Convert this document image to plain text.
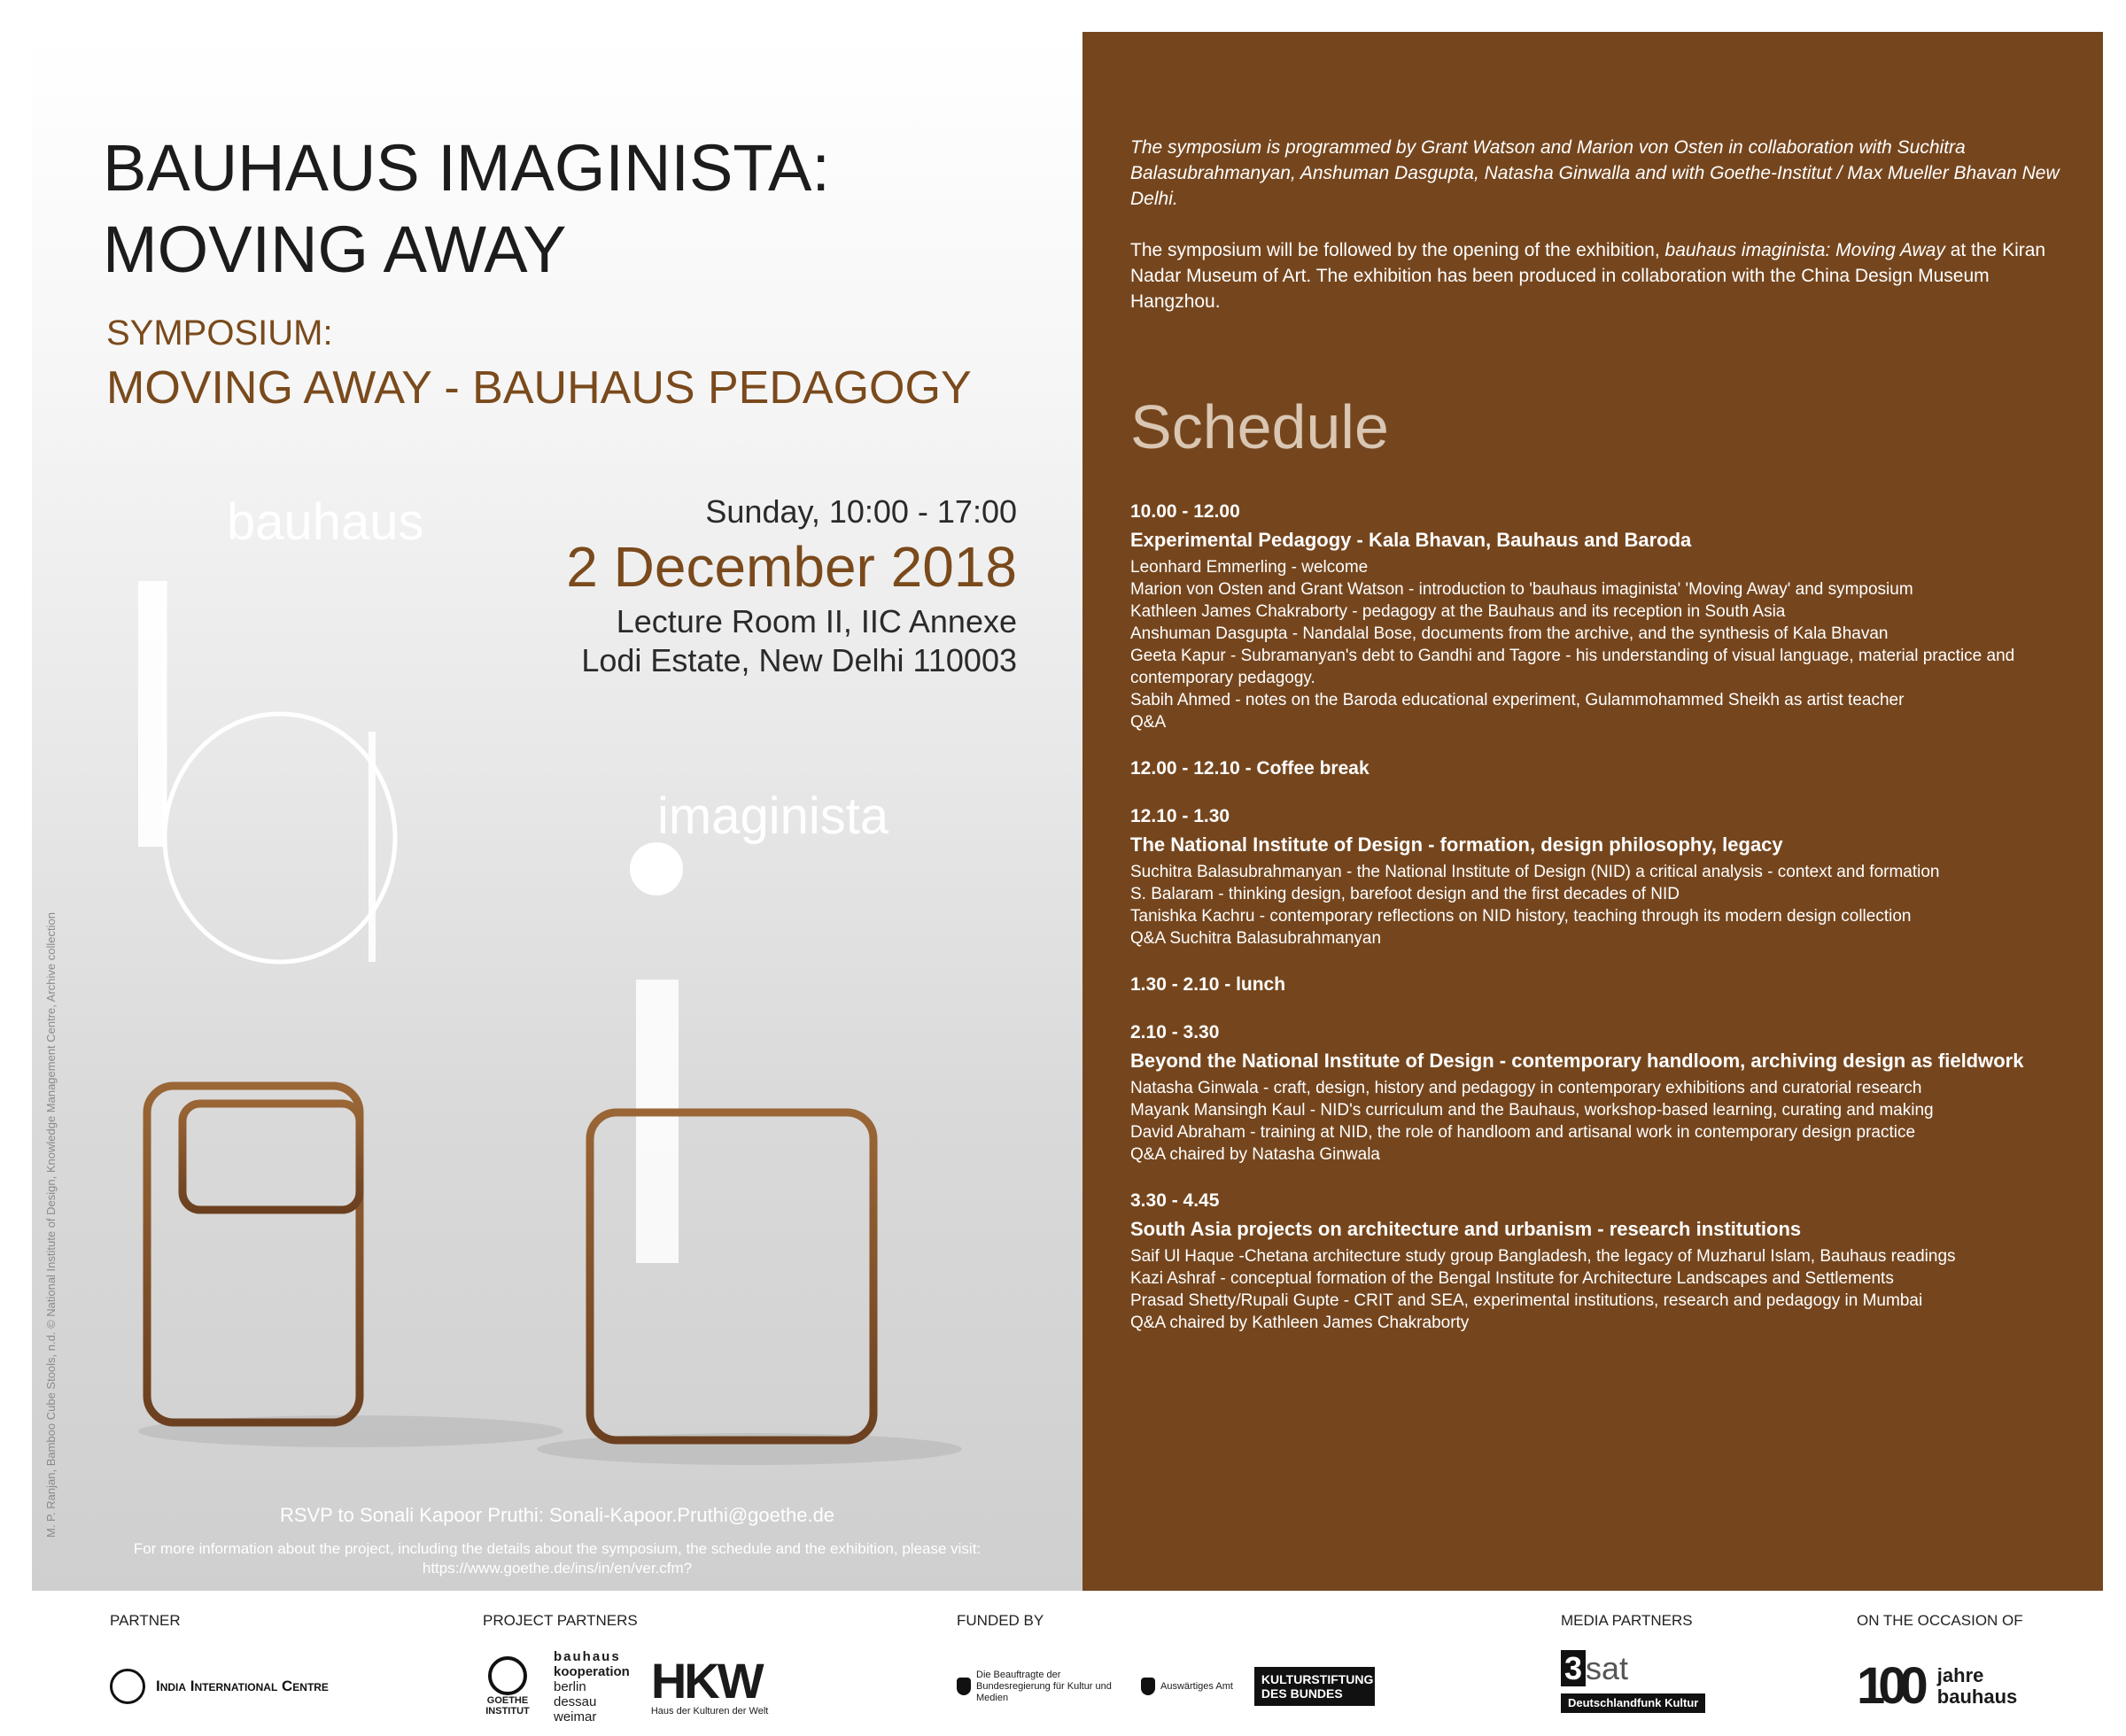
BAUHAUS IMAGINISTA:
MOVING AWAY
SYMPOSIUM:
MOVING AWAY - BAUHAUS PEDAGOGY
bauhaus
imaginista
Sunday, 10:00 - 17:00
2 December 2018
Lecture Room II, IIC Annexe
Lodi Estate, New Delhi 110003
M. P. Ranjan, Bamboo Cube Stools, n.d. © National Institute of Design, Knowledge Management Centre, Archive collection	RSVP to Sonali Kapoor Pruthi: Sonali-Kapoor.Pruthi@goethe.de
For more information about the project, including the details about the symposium, the schedule and the exhibition, please visit: https://www.goethe.de/ins/in/en/ver.cfm?

The symposium is programmed by Grant Watson and Marion von Osten in collaboration with Suchitra Balasubrahmanyan, Anshuman Dasgupta, Natasha Ginwalla and with Goethe-Institut / Max Mueller Bhavan New Delhi.

The symposium will be followed by the opening of the exhibition, bauhaus imaginista: Moving Away at the Kiran Nadar Museum of Art. The exhibition has been produced in collaboration with the China Design Museum Hangzhou.

Schedule
10.00 - 12.00
Experimental Pedagogy - Kala Bhavan, Bauhaus and Baroda
Leonhard Emmerling - welcome
Marion von Osten and Grant Watson - introduction to 'bauhaus imaginista' 'Moving Away' and symposium
Kathleen James Chakraborty - pedagogy at the Bauhaus and its reception in South Asia
Anshuman Dasgupta - Nandalal Bose, documents from the archive, and the synthesis of Kala Bhavan
Geeta Kapur - Subramanyan's debt to Gandhi and Tagore - his understanding of visual language, material practice and contemporary pedagogy.
Sabih Ahmed - notes on the Baroda educational experiment, Gulammohammed Sheikh as artist teacher
Q&A
12.00 - 12.10 - Coffee break
12.10 - 1.30
The National Institute of Design - formation, design philosophy, legacy
Suchitra Balasubrahmanyan - the National Institute of Design (NID) a critical analysis - context and formation
S. Balaram - thinking design, barefoot design and the first decades of NID
Tanishka Kachru - contemporary reflections on NID history, teaching through its modern design collection
Q&A Suchitra Balasubrahmanyan
1.30 - 2.10 - lunch
2.10 - 3.30
Beyond the National Institute of Design - contemporary handloom, archiving design as fieldwork
Natasha Ginwala - craft, design, history and pedagogy in contemporary exhibitions and curatorial research
Mayank Mansingh Kaul - NID's curriculum and the Bauhaus, workshop-based learning, curating and making
David Abraham - training at NID, the role of handloom and artisanal work in contemporary design practice
Q&A chaired by Natasha Ginwala
3.30 - 4.45
South Asia projects on architecture and urbanism - research institutions
Saif Ul Haque -Chetana architecture study group Bangladesh, the legacy of Muzharul Islam, Bauhaus readings
Kazi Ashraf - conceptual formation of the Bengal Institute for Architecture Landscapes and Settlements
Prasad Shetty/Rupali Gupte - CRIT and SEA, experimental institutions, research and pedagogy in Mumbai
Q&A chaired by Kathleen James Chakraborty
PARTNER
India International Centre
PROJECT PARTNERS
GOETHE INSTITUT
bauhaus
kooperation
berlin
dessau
weimar
HKW
Haus der Kulturen der Welt
FUNDED BY
Die Beauftragte der Bundesregierung für Kultur und Medien
Auswärtiges Amt	KULTURSTIFTUNG DES BUNDES
MEDIA PARTNERS
3 sat
Deutschlandfunk Kultur
ON THE OCCASION OF
100 jahre
bauhaus
